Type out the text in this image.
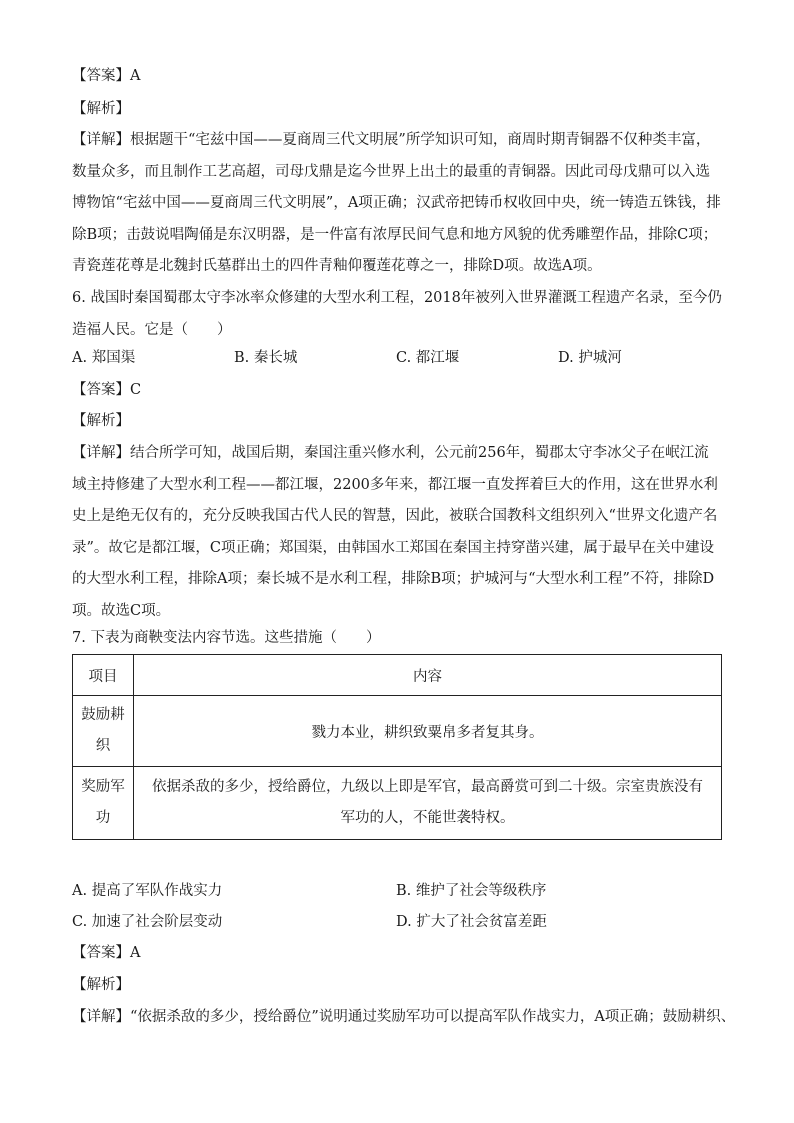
【答案】A
【解析】

【详解】根据题干“宅兹中国——夏商周三代文明展”所学知识可知，商周时期青铜器不仅种类丰富，数量众多，而且制作工艺高超，司母戊鼎是迄今世界上出土的最重的青铜器。因此司母戊鼎可以入选博物馆“宅兹中国——夏商周三代文明展”，A项正确；汉武帝把铸币权收回中央，统一铸造五铢钱，排除B项；击鼓说唱陶俑是东汉明器，是一件富有浓厚民间气息和地方风貌的优秀雕塑作品，排除C项；青瓷莲花尊是北魏封氏墓群出土的四件青釉仰覆莲花尊之一，排除D项。故选A项。

6. 战国时秦国蜀郡太守李冰率众修建的大型水利工程，2018年被列入世界灌溉工程遗产名录，至今仍造福人民。它是（　　）

A. 郑国渠	B. 秦长城	C. 都江堰	D. 护城河
【答案】C
【解析】

【详解】结合所学可知，战国后期，秦国注重兴修水利，公元前256年，蜀郡太守李冰父子在岷江流域主持修建了大型水利工程——都江堰，2200多年来，都江堰一直发挥着巨大的作用，这在世界水利史上是绝无仅有的，充分反映我国古代人民的智慧，因此，被联合国教科文组织列入“世界文化遗产名录”。故它是都江堰，C项正确；郑国渠，由韩国水工郑国在秦国主持穿凿兴建，属于最早在关中建设的大型水利工程，排除A项；秦长城不是水利工程，排除B项；护城河与“大型水利工程”不符，排除D项。故选C项。

7. 下表为商鞅变法内容节选。这些措施（　　）
项目	内容

鼓励耕织	戮力本业，耕织致粟帛多者复其身。

奖励军功	依据杀敌的多少，授给爵位，九级以上即是军官，最高爵赏可到二十级。宗室贵族没有军功的人，不能世袭特权。
A. 提高了军队作战实力	B. 维护了社会等级秩序
C. 加速了社会阶层变动	D. 扩大了社会贫富差距
【答案】A
【解析】
【详解】“依据杀敌的多少，授给爵位”说明通过奖励军功可以提高军队作战实力，A项正确；鼓励耕织、
